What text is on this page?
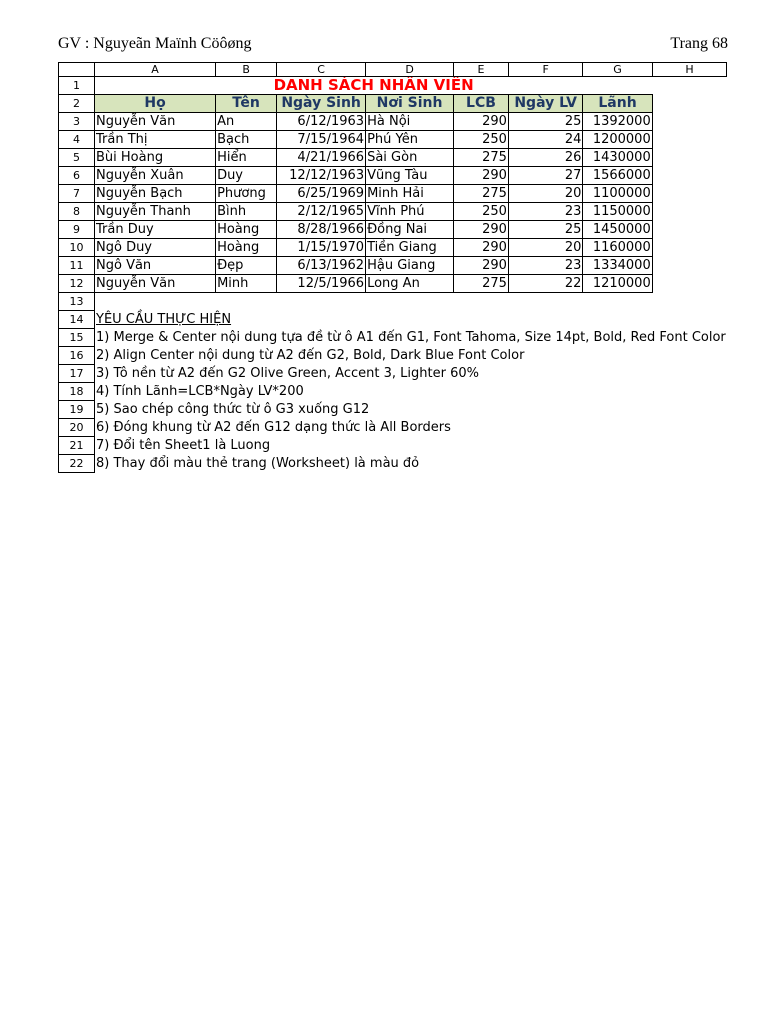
GV : Nguyeãn Maïnh Cöôøng	Trang 68
	A	B	C	D	E	F	G	H
1	DANH SÁCH NHÂN VIÊN							
2	Họ	Tên	Ngày Sinh	Nơi Sinh	LCB	Ngày LV	Lãnh	
3	Nguyễn Văn	An	6/12/1963	Hà Nội	290	25	1392000	
4	Trần Thị	Bạch	7/15/1964	Phú Yên	250	24	1200000	
5	Bùi Hoàng	Hiển	4/21/1966	Sài Gòn	275	26	1430000	
6	Nguyễn Xuân	Duy	12/12/1963	Vũng Tàu	290	27	1566000	
7	Nguyễn Bạch	Phương	6/25/1969	Minh Hải	275	20	1100000	
8	Nguyễn Thanh	Bình	2/12/1965	Vĩnh Phú	250	23	1150000	
9	Trần Duy	Hoàng	8/28/1966	Đồng Nai	290	25	1450000	
10	Ngô Duy	Hoàng	1/15/1970	Tiền Giang	290	20	1160000	
11	Ngô Văn	Đẹp	6/13/1962	Hậu Giang	290	23	1334000	
12	Nguyễn Văn	Minh	12/5/1966	Long An	275	22	1210000	
13								
14	YÊU CẦU THỰC HIỆN							
15	1) Merge & Center nội dung tựa đề từ ô A1 đến G1, Font Tahoma, Size 14pt, Bold, Red Font Color							
16	2) Align Center nội dung từ A2 đến G2, Bold, Dark Blue Font Color							
17	3) Tô nền từ A2 đến G2 Olive Green, Accent 3, Lighter 60%							
18	4) Tính Lãnh=LCB*Ngày LV*200							
19	5) Sao chép công thức từ ô G3 xuống G12							
20	6) Đóng khung từ A2 đến G12 dạng thức là All Borders							
21	7) Đổi tên Sheet1 là Luong							
22	8) Thay đổi màu thẻ trang (Worksheet) là màu đỏ							
